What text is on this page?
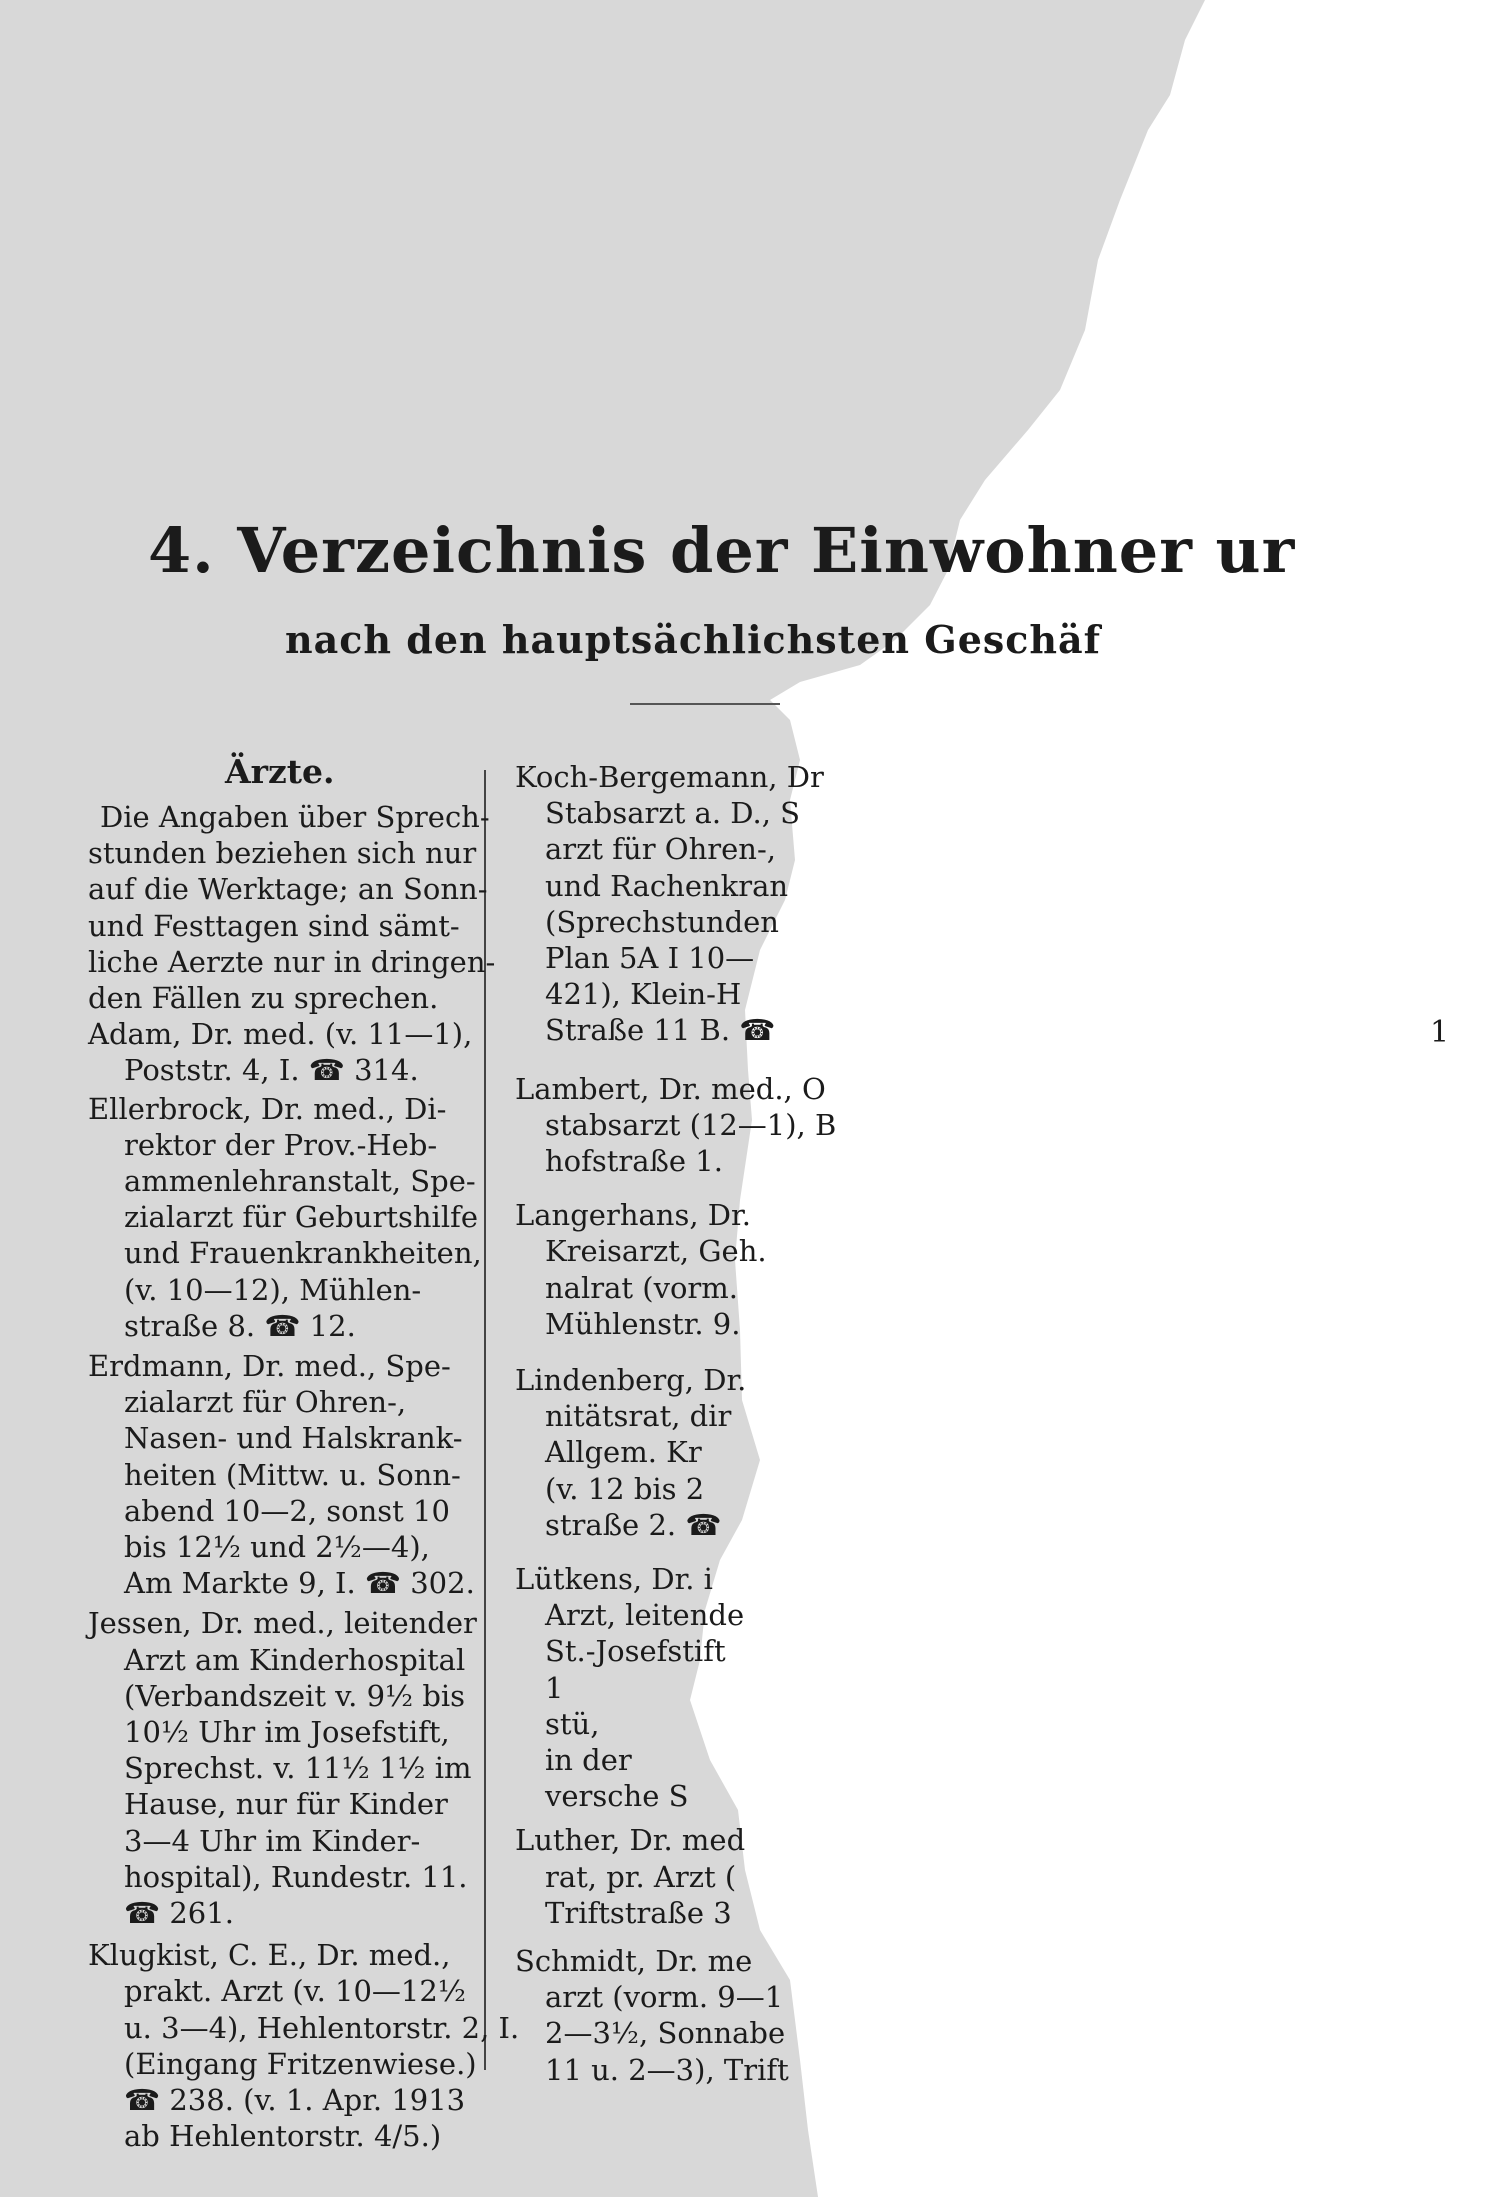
4. Verzeichnis der Einwohner ur
nach den hauptsächlichsten Geschäf
Ärzte.
Die Angaben über Sprech-
stunden beziehen sich nur
auf die Werktage; an Sonn-
und Festtagen sind sämt-
liche Aerzte nur in dringen-
den Fällen zu sprechen.
Adam, Dr. med. (v. 11—1),
Poststr. 4, I. ☎ 314.
Ellerbrock, Dr. med., Di-
rektor der Prov.-Heb-
ammenlehranstalt, Spe-
zialarzt für Geburtshilfe
und Frauenkrankheiten,
(v. 10—12), Mühlen-
straße 8. ☎ 12.
Erdmann, Dr. med., Spe-
zialarzt für Ohren-,
Nasen- und Halskrank-
heiten (Mittw. u. Sonn-
abend 10—2, sonst 10
bis 12½ und 2½—4),
Am Markte 9, I. ☎ 302.
Jessen, Dr. med., leitender
Arzt am Kinderhospital
(Verbandszeit v. 9½ bis
10½ Uhr im Josefstift,
Sprechst. v. 11½ 1½ im
Hause, nur für Kinder
3—4 Uhr im Kinder-
hospital), Rundestr. 11.
☎ 261.
Klugkist, C. E., Dr. med.,
prakt. Arzt (v. 10—12½
u. 3—4), Hehlentorstr. 2, I.
(Eingang Fritzenwiese.)
☎ 238. (v. 1. Apr. 1913
ab Hehlentorstr. 4/5.)
Koch-Bergemann, Dr
Stabsarzt a. D., S
arzt für Ohren-,
und Rachenkran
(Sprechstunden
Plan 5A I 10—
421), Klein-H
Straße 11 B. ☎
Lambert, Dr. med., O
stabsarzt (12—1), B
hofstraße 1.
Langerhans, Dr.
Kreisarzt, Geh.
nalrat (vorm.
Mühlenstr. 9.
Lindenberg, Dr.
nitätsrat, dir
Allgem. Kr
(v. 12 bis 2
straße 2. ☎
Lütkens, Dr. i
Arzt, leitende
St.-Josefstift
1
stü,
in der
versche S
Luther, Dr. med
rat, pr. Arzt (
Triftstraße 3
Schmidt, Dr. me
arzt (vorm. 9—1
2—3½, Sonnabe
11 u. 2—3), Trift
1
